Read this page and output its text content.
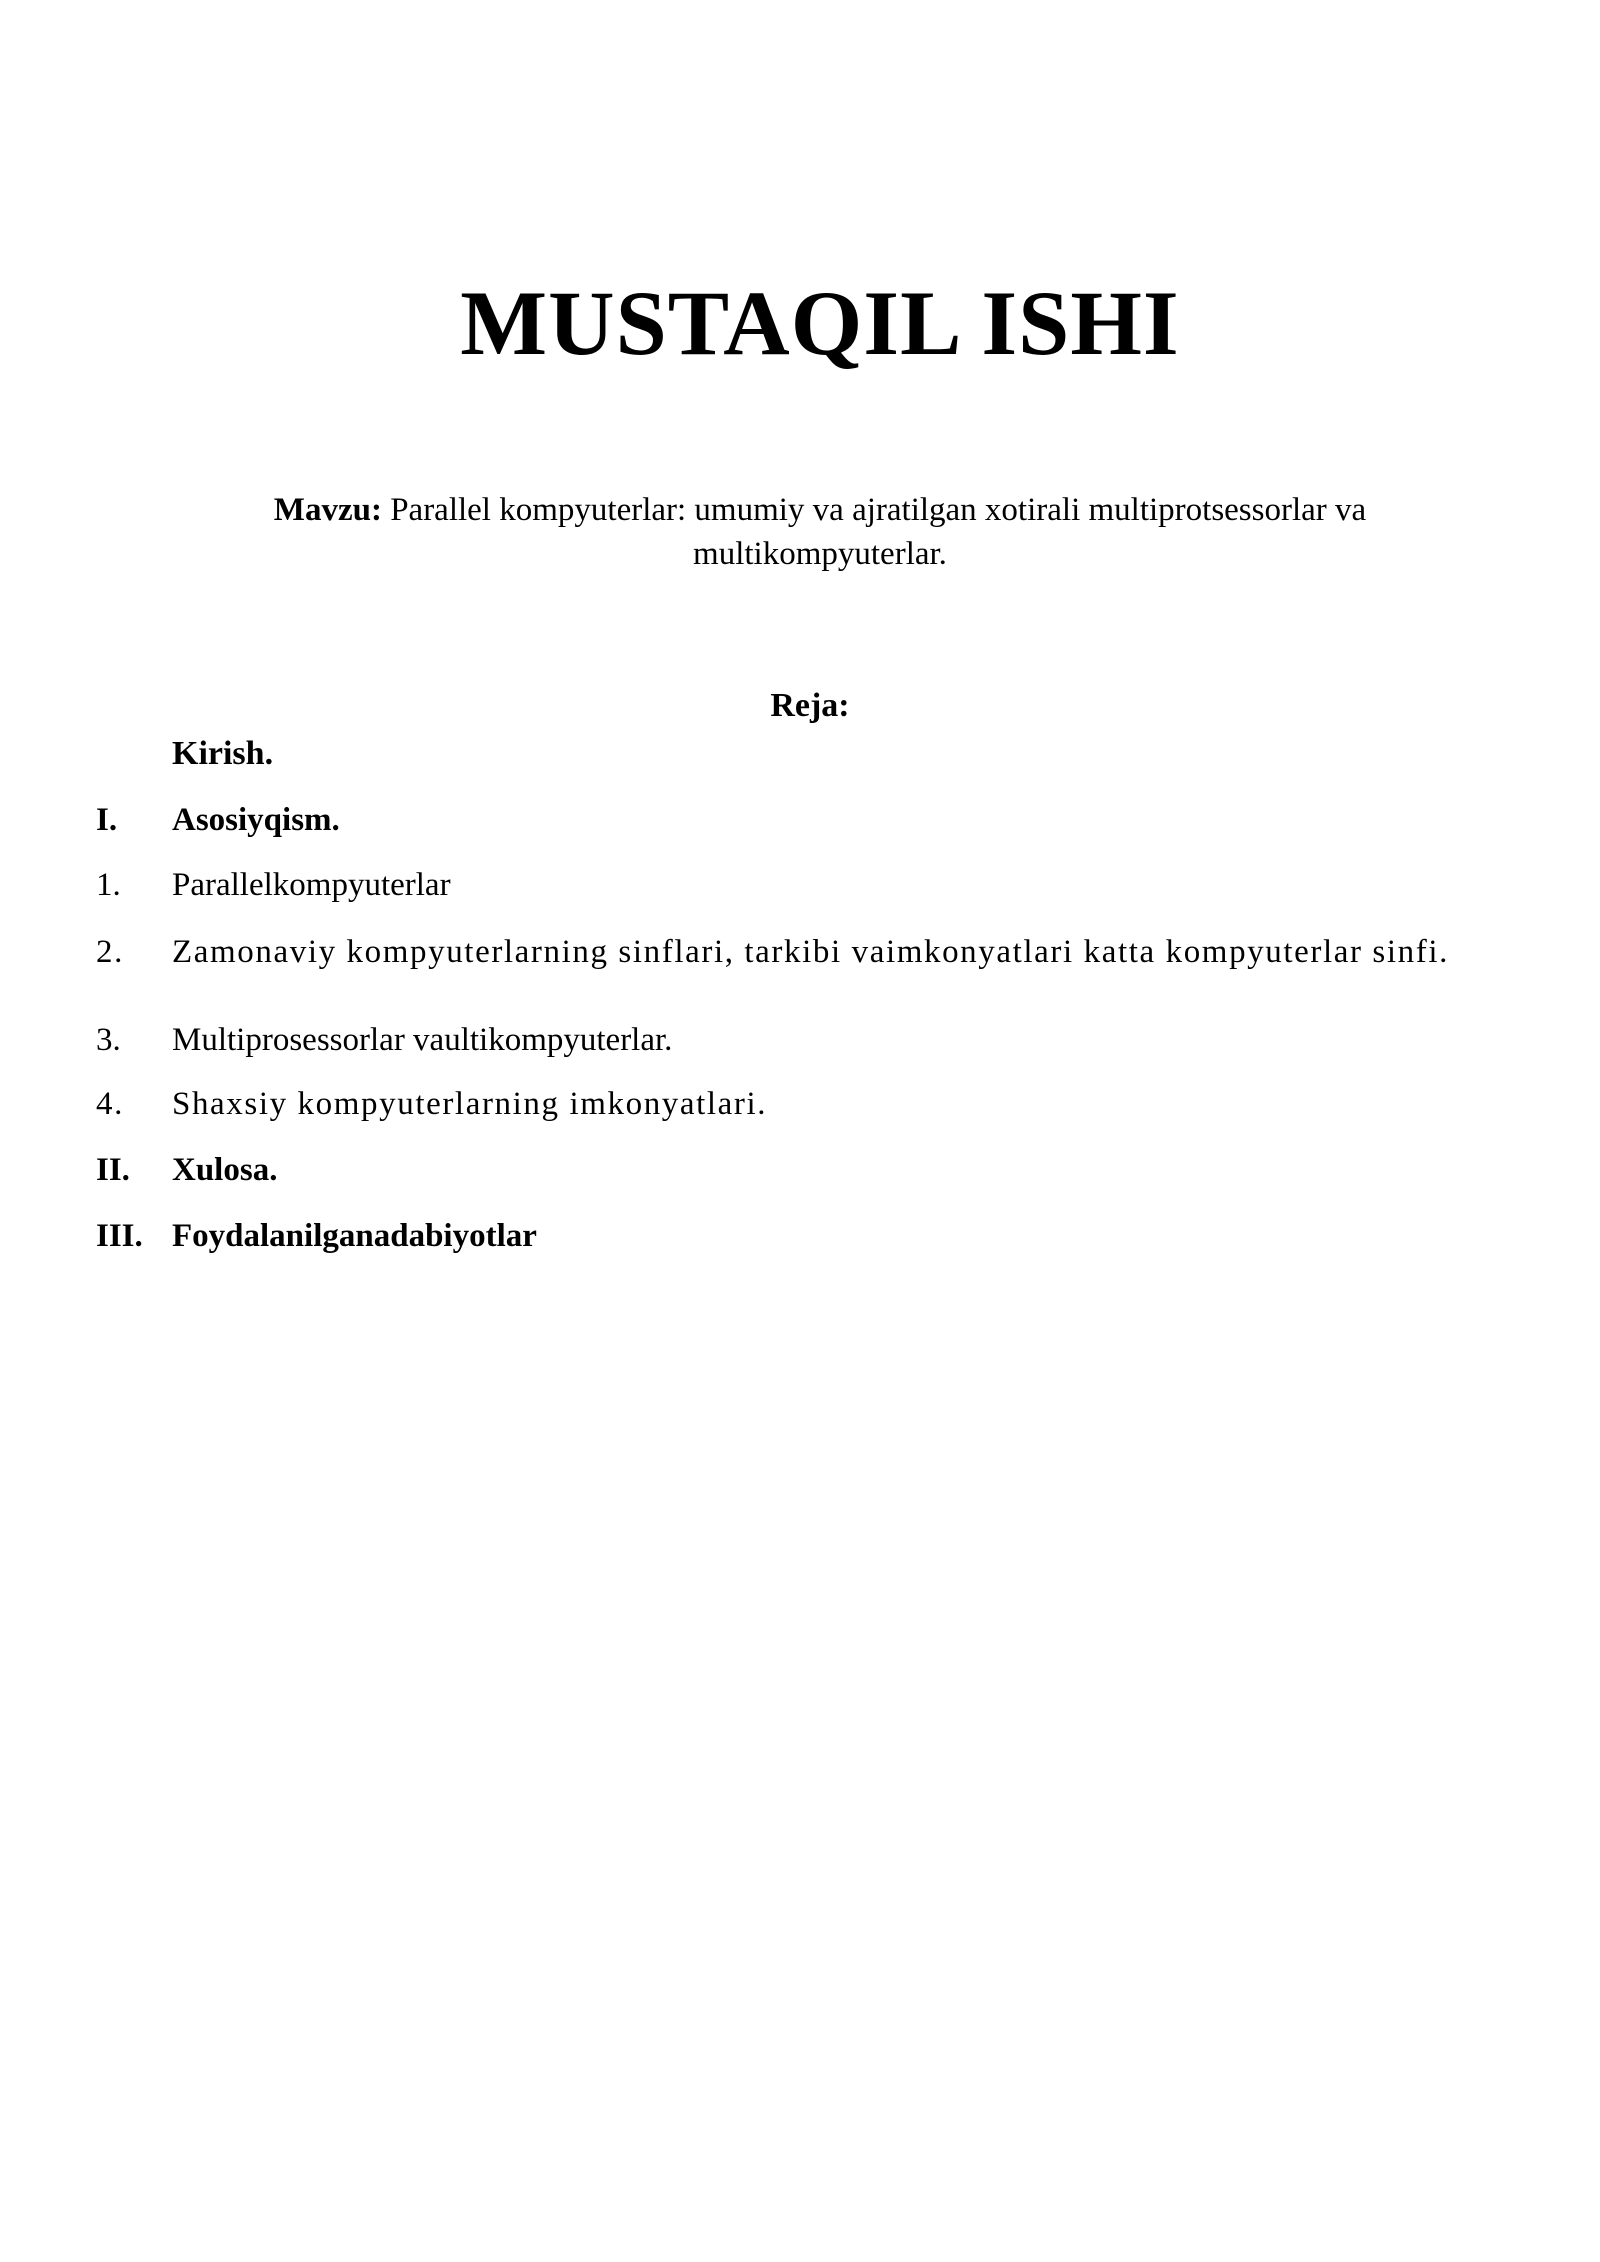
MUSTAQIL ISHI

Mavzu: Parallel kompyuterlar: umumiy va ajratilgan xotirali multiprotsessorlar va multikompyuterlar.

Reja:

Kirish.

I.	Asosiyqism.
1.	Parallelkompyuterlar
2.	Zamonaviy kompyuterlarning sinflari, tarkibi vaimkonyatlari katta kompyuterlar sinfi.
3.	Multiprosessorlar vaultikompyuterlar.
4.	Shaxsiy kompyuterlarning imkonyatlari.
II.	Xulosa.
III. Foydalanilganadabiyotlar
